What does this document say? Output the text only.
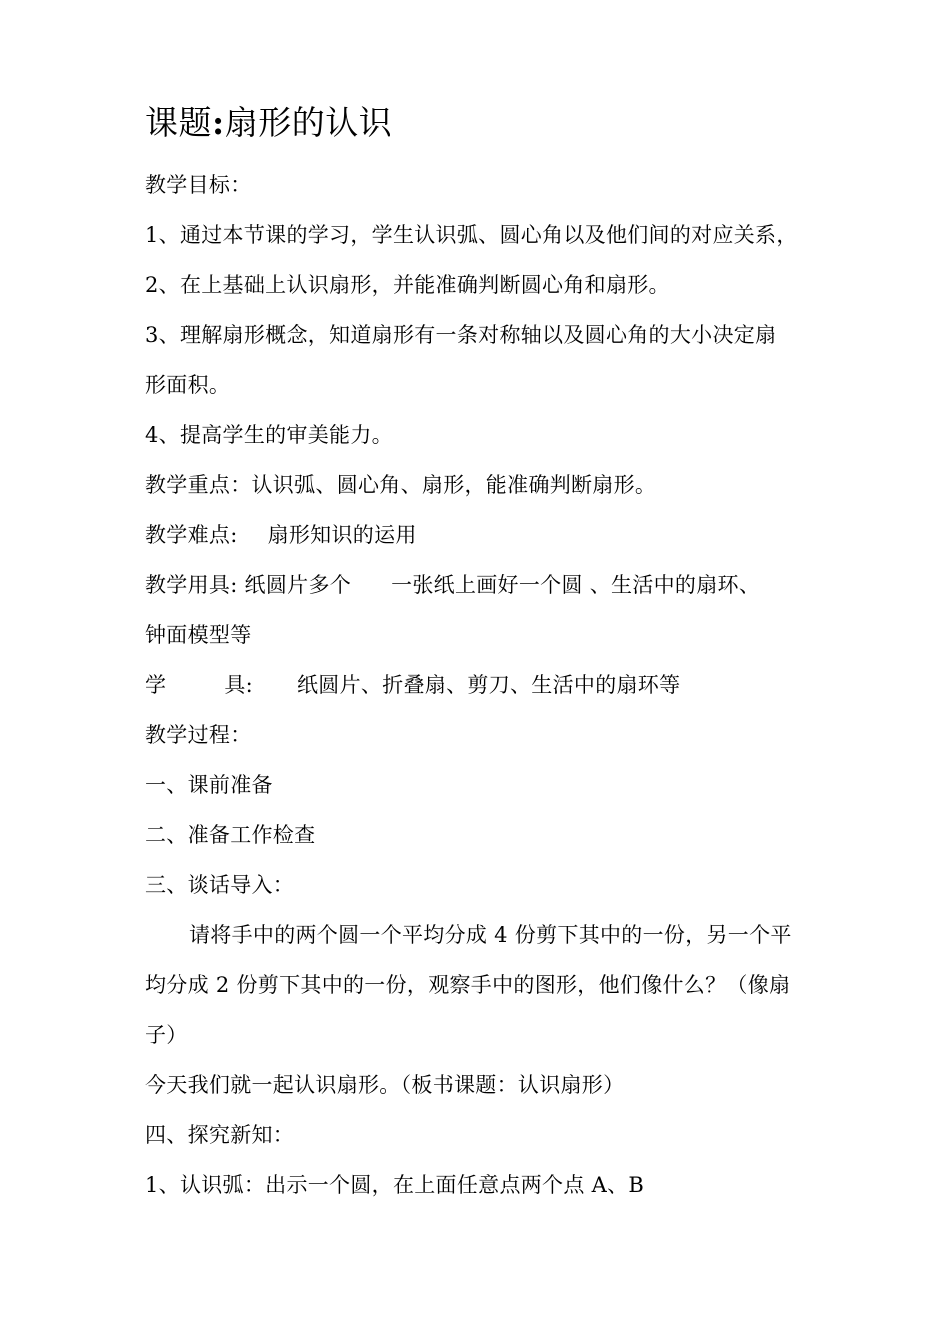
课题:扇形的认识
教学目标：
1、通过本节课的学习，学生认识弧、圆心角以及他们间的对应关系，
2、在上基础上认识扇形，并能准确判断圆心角和扇形。
3、理解扇形概念，知道扇形有一条对称轴以及圆心角的大小决定扇
形面积。
4、提高学生的审美能力。
教学重点：认识弧、圆心角、扇形，能准确判断扇形。
教学难点: 扇形知识的运用
教学用具: 纸圆片多个 一张纸上画好一个圆 、生活中的扇环、
钟面模型等
学	具: 纸圆片、折叠扇、剪刀、生活中的扇环等
教学过程：
一、课前准备
二、准备工作检查
三、谈话导入：
请将手中的两个圆一个平均分成 4 份剪下其中的一份，另一个平
均分成 2 份剪下其中的一份，观察手中的图形，他们像什么？（像扇
子）
今天我们就一起认识扇形。（板书课题：认识扇形）
四、探究新知：
1、认识弧：出示一个圆，在上面任意点两个点 A、B
